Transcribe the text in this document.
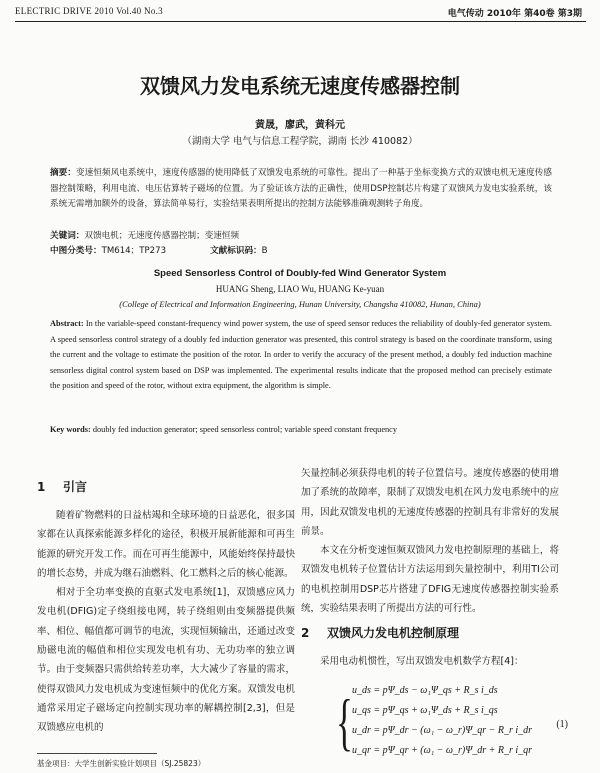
ELECTRIC DRIVE 2010 Vol.40 No.3	电气传动 2010年 第40卷 第3期
双馈风力发电系统无速度传感器控制
黄晟，廖武，黄科元
（湖南大学 电气与信息工程学院，湖南 长沙 410082）
摘要：变速恒频风电系统中，速度传感器的使用降低了双馈发电系统的可靠性。提出了一种基于坐标变换方式的双馈电机无速度传感器控制策略，利用电流、电压估算转子磁场的位置。为了验证该方法的正确性，使用DSP控制芯片构建了双馈风力发电实验系统，该系统无需增加额外的设备，算法简单易行，实验结果表明所提出的控制方法能够准确观测转子角度。
关键词： 双馈电机；无速度传感器控制；变速恒频
中图分类号： TM614；TP273	文献标识码：B
Speed Sensorless Control of Doubly-fed Wind Generator System
HUANG Sheng, LIAO Wu, HUANG Ke-yuan
(College of Electrical and Information Engineering, Hunan University, Changsha 410082, Hunan, China)
Abstract: In the variable-speed constant-frequency wind power system, the use of speed sensor reduces the reliability of doubly-fed generator system. A speed sensorless control strategy of a doubly fed induction generator was presented, this control strategy is based on the coordinate transform, using the current and the voltage to estimate the position of the rotor. In order to verify the accuracy of the present method, a doubly fed induction machine sensorless digital control system based on DSP was implemented. The experimental results indicate that the proposed method can precisely estimate the position and speed of the rotor, without extra equipment, the algorithm is simple.
Key words: doubly fed induction generator; speed sensorless control; variable speed constant frequency
1 引言

随着矿物燃料的日益枯竭和全球环境的日益恶化，很多国家都在认真探索能源多样化的途径，积极开展新能源和可再生能源的研究开发工作。而在可再生能源中，风能始终保持最快的增长态势，并成为继石油燃料、化工燃料之后的核心能源。

相对于全功率变换的直驱式发电系统[1]，双馈感应风力发电机(DFIG)定子绕组接电网，转子绕组则由变频器提供频率、相位、幅值都可调节的电流，实现恒频输出，还通过改变励磁电流的幅值和相位实现发电机有功、无功功率的独立调节。由于变频器只需供给转差功率，大大减少了容量的需求，使得双馈风力发电机成为变速恒频中的优化方案。双馈发电机通常采用定子磁场定向控制实现功率的解耦控制[2,3]，但是双馈感应电机的

矢量控制必须获得电机的转子位置信号。速度传感器的使用增加了系统的故障率，限制了双馈发电机在风力发电系统中的应用，因此双馈发电机的无速度传感器的控制具有非常好的发展前景。

本文在分析变速恒频双馈风力发电控制原理的基础上，将双馈发电机转子位置估计方法运用到矢量控制中，利用TI公司的电机控制用DSP芯片搭建了DFIG无速度传感器控制实验系统，实验结果表明了所提出方法的可行性。

2 双馈风力发电机控制原理

采用电动机惯性，写出双馈发电机数学方程[4]：

{ u_ds = pΨ_ds − ω₁Ψ_qs + R_s i_ds
u_qs = pΨ_qs + ω₁Ψ_ds + R_s i_qs
u_dr = pΨ_dr − (ω₁ − ω_r)Ψ_qr − R_r i_dr
u_qr = pΨ_qr + (ω₁ − ω_r)Ψ_dr + R_r i_qr
(1)
基金项目：大学生创新实验计划项目（SJ.25823）
